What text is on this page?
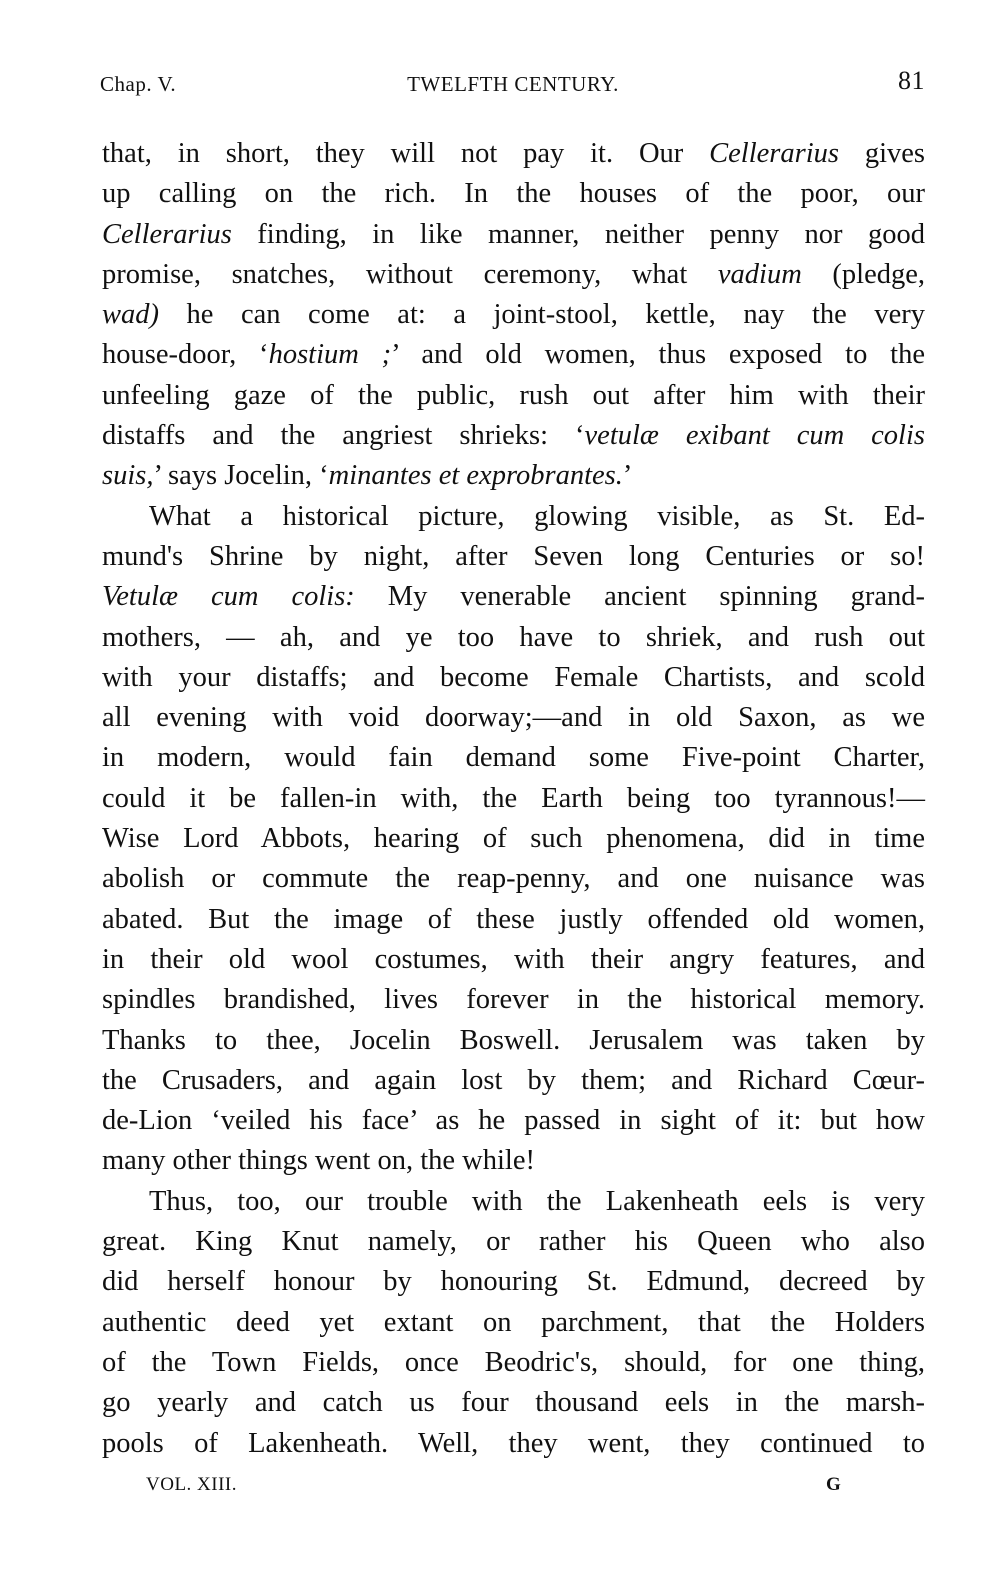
Chap. V.	TWELFTH CENTURY.	81
that, in short, they will not pay it. Our Cellerarius gives
up calling on the rich. In the houses of the poor, our
Cellerarius finding, in like manner, neither penny nor good
promise, snatches, without ceremony, what vadium (pledge,
wad) he can come at: a joint-stool, kettle, nay the very
house-door, ‘hostium ;’ and old women, thus exposed to the
unfeeling gaze of the public, rush out after him with their
distaffs and the angriest shrieks: ‘vetulæ exibant cum colis
suis,’ says Jocelin, ‘minantes et exprobrantes.’
What a historical picture, glowing visible, as St. Ed-
mund's Shrine by night, after Seven long Centuries or so!
Vetulæ cum colis: My venerable ancient spinning grand-
mothers, — ah, and ye too have to shriek, and rush out
with your distaffs; and become Female Chartists, and scold
all evening with void doorway;—and in old Saxon, as we
in modern, would fain demand some Five-point Charter,
could it be fallen-in with, the Earth being too tyrannous!—
Wise Lord Abbots, hearing of such phenomena, did in time
abolish or commute the reap-penny, and one nuisance was
abated. But the image of these justly offended old women,
in their old wool costumes, with their angry features, and
spindles brandished, lives forever in the historical memory.
Thanks to thee, Jocelin Boswell. Jerusalem was taken by
the Crusaders, and again lost by them; and Richard Cœur-
de-Lion ‘veiled his face’ as he passed in sight of it: but how
many other things went on, the while!
Thus, too, our trouble with the Lakenheath eels is very
great. King Knut namely, or rather his Queen who also
did herself honour by honouring St. Edmund, decreed by
authentic deed yet extant on parchment, that the Holders
of the Town Fields, once Beodric's, should, for one thing,
go yearly and catch us four thousand eels in the marsh-
pools of Lakenheath. Well, they went, they continued to
VOL. XIII.	G
